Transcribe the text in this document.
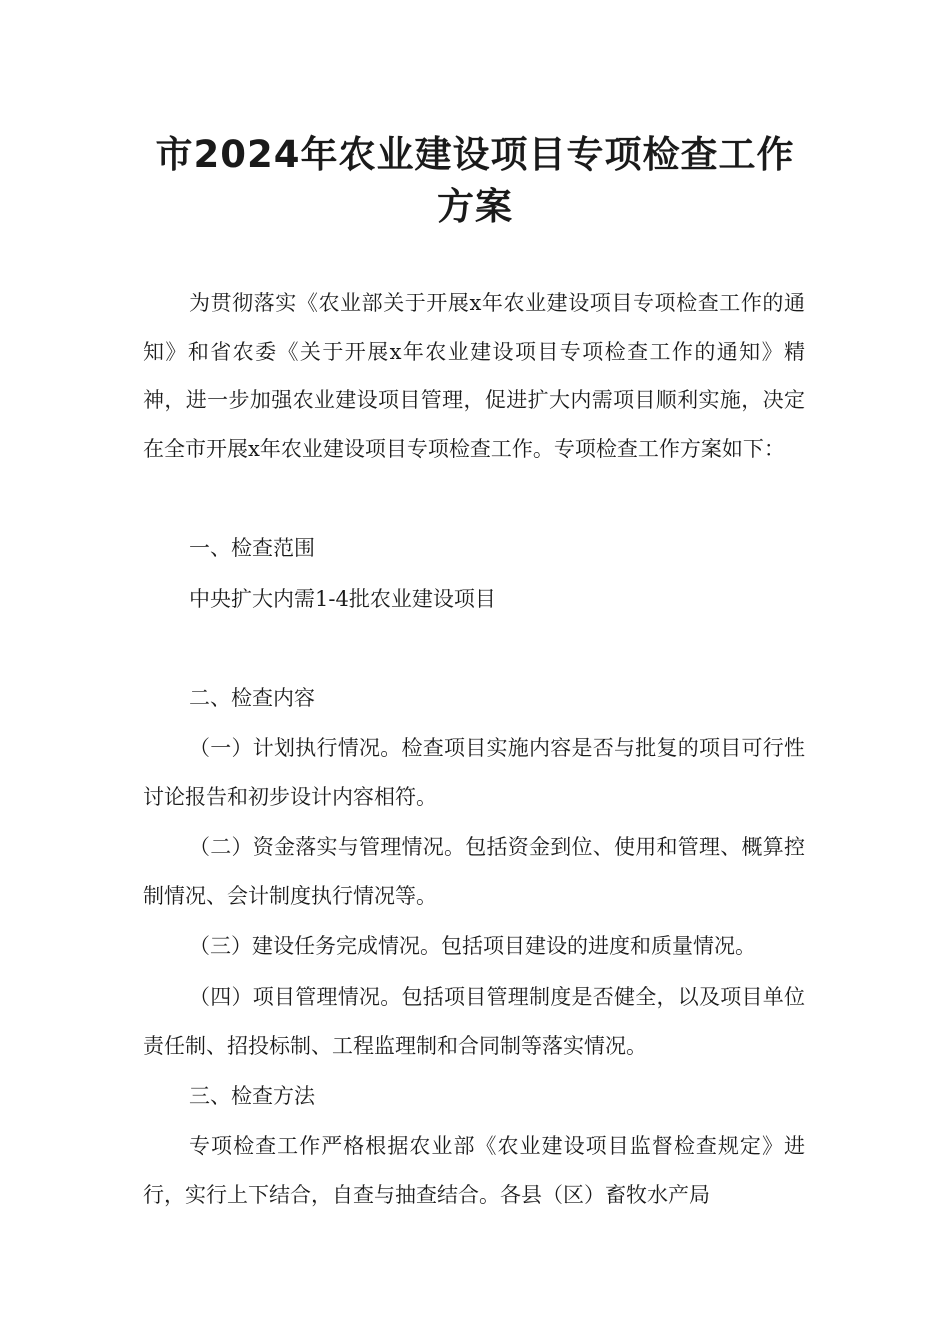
市2024年农业建设项目专项检查工作
方案

为贯彻落实《农业部关于开展x年农业建设项目专项检查工作的通知》和省农委《关于开展x年农业建设项目专项检查工作的通知》精神，进一步加强农业建设项目管理，促进扩大内需项目顺利实施，决定在全市开展x年农业建设项目专项检查工作。专项检查工作方案如下：

一、检查范围

中央扩大内需1-4批农业建设项目

二、检查内容

（一）计划执行情况。检查项目实施内容是否与批复的项目可行性讨论报告和初步设计内容相符。

（二）资金落实与管理情况。包括资金到位、使用和管理、概算控制情况、会计制度执行情况等。

（三）建设任务完成情况。包括项目建设的进度和质量情况。

（四）项目管理情况。包括项目管理制度是否健全，以及项目单位责任制、招投标制、工程监理制和合同制等落实情况。

三、检查方法

专项检查工作严格根据农业部《农业建设项目监督检查规定》进行，实行上下结合，自查与抽查结合。各县（区）畜牧水产局
